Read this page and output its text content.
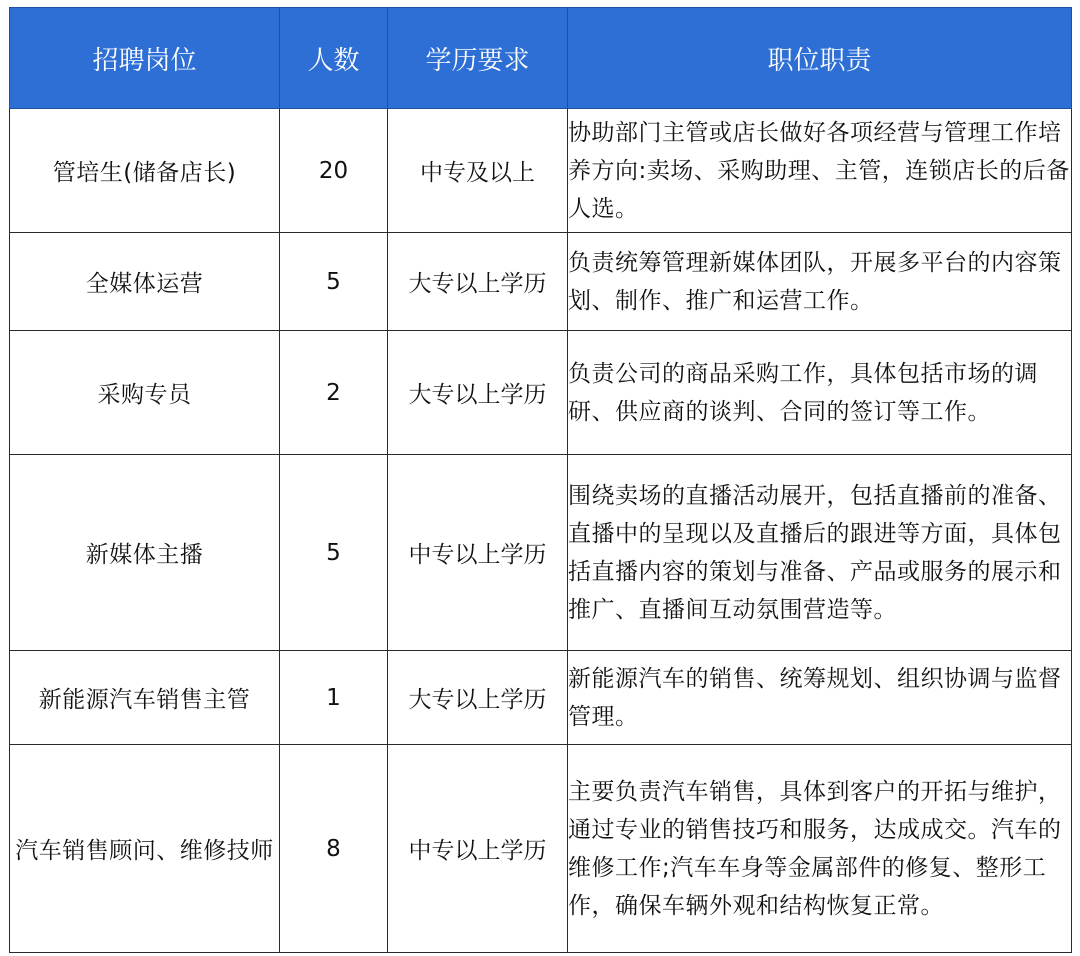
招聘岗位	人数	学历要求	职位职责
管培生(储备店长)	20	中专及以上	协助部门主管或店长做好各项经营与管理工作培养方向:卖场、采购助理、主管，连锁店长的后备人选。
全媒体运营	5	大专以上学历	负责统筹管理新媒体团队，开展多平台的内容策划、制作、推广和运营工作。
采购专员	2	大专以上学历	负责公司的商品采购工作，具体包括市场的调研、供应商的谈判、合同的签订等工作。
新媒体主播	5	中专以上学历	围绕卖场的直播活动展开，包括直播前的准备、直播中的呈现以及直播后的跟进等方面，具体包括直播内容的策划与准备、产品或服务的展示和推广、直播间互动氛围营造等。
新能源汽车销售主管	1	大专以上学历	新能源汽车的销售、统筹规划、组织协调与监督管理。
汽车销售顾问、维修技师	8	中专以上学历	主要负责汽车销售，具体到客户的开拓与维护，通过专业的销售技巧和服务，达成成交。汽车的维修工作;汽车车身等金属部件的修复、整形工作，确保车辆外观和结构恢复正常。
